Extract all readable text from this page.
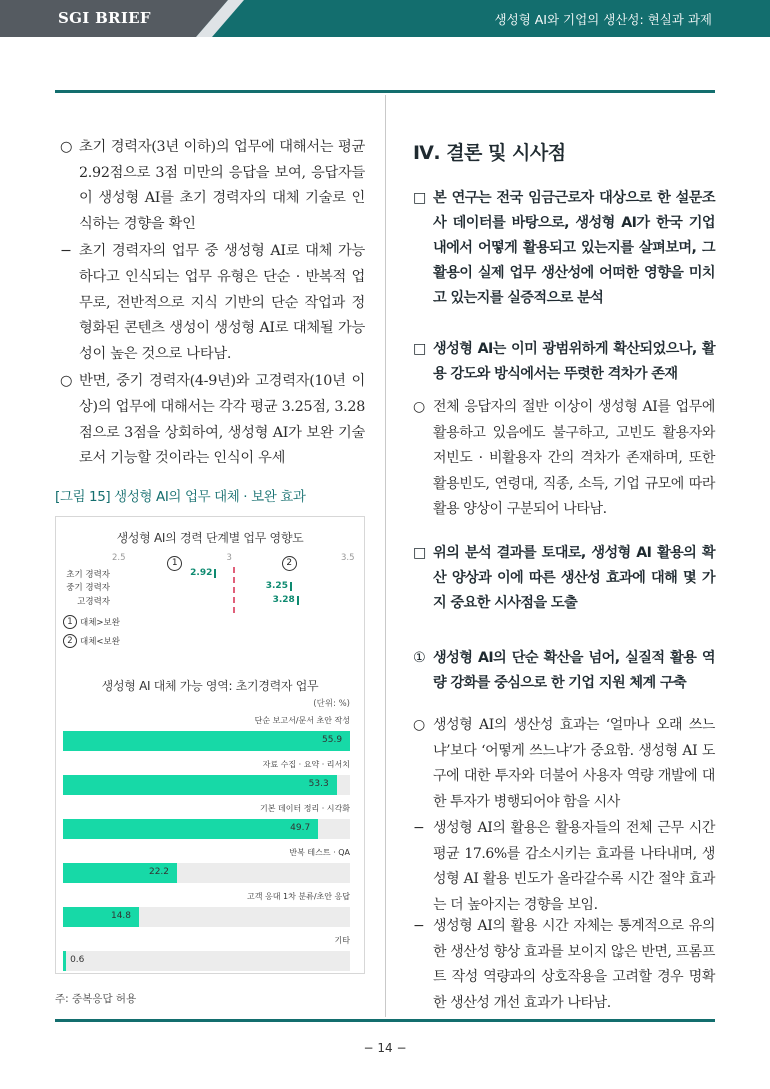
SGI BRIEF	생성형 AI와 기업의 생산성: 현실과 과제
○ 초기 경력자(3년 이하)의 업무에 대해서는 평균 2.92점으로 3점 미만의 응답을 보여, 응답자들이 생성형 AI를 초기 경력자의 대체 기술로 인식하는 경향을 확인
− 초기 경력자의 업무 중 생성형 AI로 대체 가능하다고 인식되는 업무 유형은 단순 · 반복적 업무로, 전반적으로 지식 기반의 단순 작업과 정형화된 콘텐츠 생성이 생성형 AI로 대체될 가능성이 높은 것으로 나타남.
○ 반면, 중기 경력자(4-9년)와 고경력자(10년 이상)의 업무에 대해서는 각각 평균 3.25점, 3.28점으로 3점을 상회하여, 생성형 AI가 보완 기술로서 기능할 것이라는 인식이 우세
[그림 15] 생성형 AI의 업무 대체 · 보완 효과
생성형 AI의 경력 단계별 업무 영향도
1 대체>보완
2 대체<보완
생성형 AI 대체 가능 영역: 초기경력자 업무
(단위: %)
2.5	3	3.5
1	2
초기 경력자	2.92
중기 경력자	3.25
고경력자	3.28
단순 보고서/문서 초안 작성
55.9
자료 수집 · 요약 · 리서치
53.3
기본 데이터 정리 · 시각화
49.7
반복 테스트 · QA
22.2
고객 응대 1차 분류/초안 응답
14.8
기타
0.6
주: 중복응답 허용
Ⅳ. 결론 및 시사점
□ 본 연구는 전국 임금근로자 대상으로 한 설문조사 데이터를 바탕으로, 생성형 AI가 한국 기업 내에서 어떻게 활용되고 있는지를 살펴보며, 그 활용이 실제 업무 생산성에 어떠한 영향을 미치고 있는지를 실증적으로 분석
□ 생성형 AI는 이미 광범위하게 확산되었으나, 활용 강도와 방식에서는 뚜렷한 격차가 존재
○ 전체 응답자의 절반 이상이 생성형 AI를 업무에 활용하고 있음에도 불구하고, 고빈도 활용자와 저빈도 · 비활용자 간의 격차가 존재하며, 또한 활용빈도, 연령대, 직종, 소득, 기업 규모에 따라 활용 양상이 구분되어 나타남.
□ 위의 분석 결과를 토대로, 생성형 AI 활용의 확산 양상과 이에 따른 생산성 효과에 대해 몇 가지 중요한 시사점을 도출
① 생성형 AI의 단순 확산을 넘어, 실질적 활용 역량 강화를 중심으로 한 기업 지원 체계 구축
○ 생성형 AI의 생산성 효과는 ‘얼마나 오래 쓰느냐’보다 ‘어떻게 쓰느냐’가 중요함. 생성형 AI 도구에 대한 투자와 더불어 사용자 역량 개발에 대한 투자가 병행되어야 함을 시사
− 생성형 AI의 활용은 활용자들의 전체 근무 시간 평균 17.6%를 감소시키는 효과를 나타내며, 생성형 AI 활용 빈도가 올라갈수록 시간 절약 효과는 더 높아지는 경향을 보임.
− 생성형 AI의 활용 시간 자체는 통계적으로 유의한 생산성 향상 효과를 보이지 않은 반면, 프롬프트 작성 역량과의 상호작용을 고려할 경우 명확한 생산성 개선 효과가 나타남.
− 14 −
